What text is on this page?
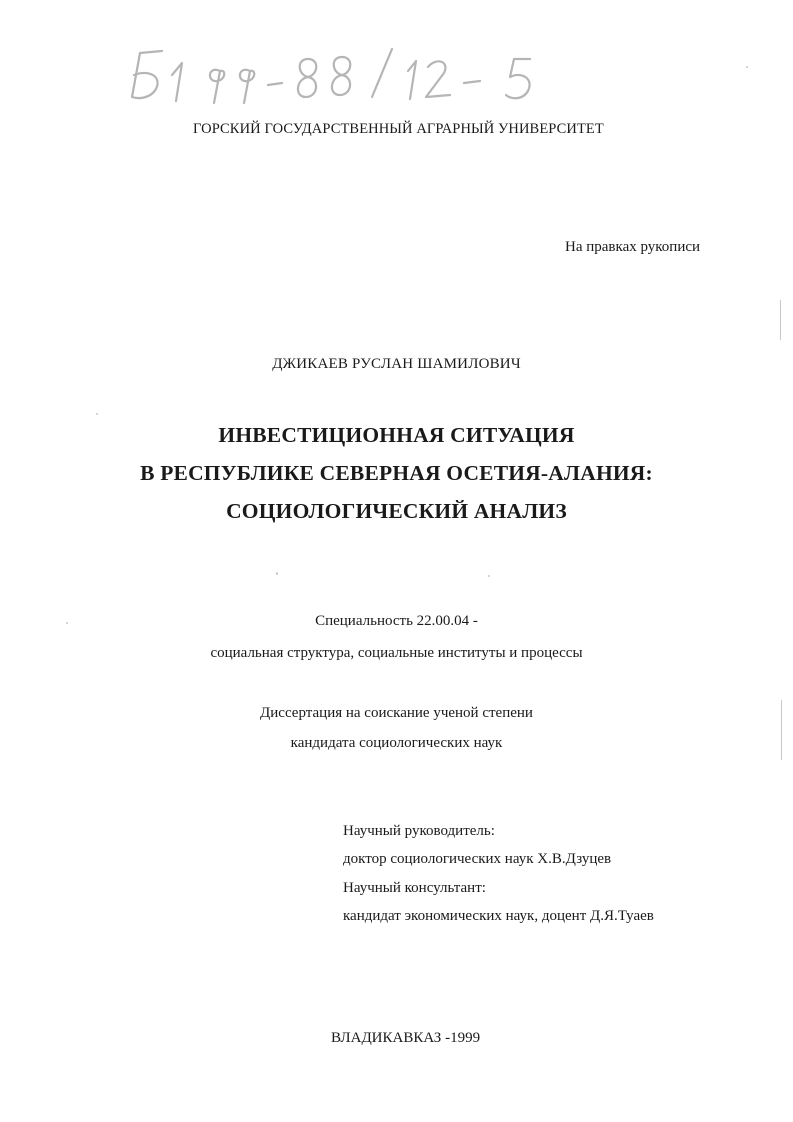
ГОРСКИЙ ГОСУДАРСТВЕННЫЙ АГРАРНЫЙ УНИВЕРСИТЕТ
На правках рукописи
ДЖИКАЕВ РУСЛАН ШАМИЛОВИЧ
ИНВЕСТИЦИОННАЯ СИТУАЦИЯ
В РЕСПУБЛИКЕ СЕВЕРНАЯ ОСЕТИЯ-АЛАНИЯ:
СОЦИОЛОГИЧЕСКИЙ АНАЛИЗ
Специальность 22.00.04 -
социальная структура, социальные институты и процессы
Диссертация на соискание ученой степени
кандидата социологических наук
Научный руководитель:
доктор социологических наук Х.В.Дзуцев
Научный консультант:
кандидат экономических наук, доцент Д.Я.Туаев
ВЛАДИКАВКАЗ -1999
